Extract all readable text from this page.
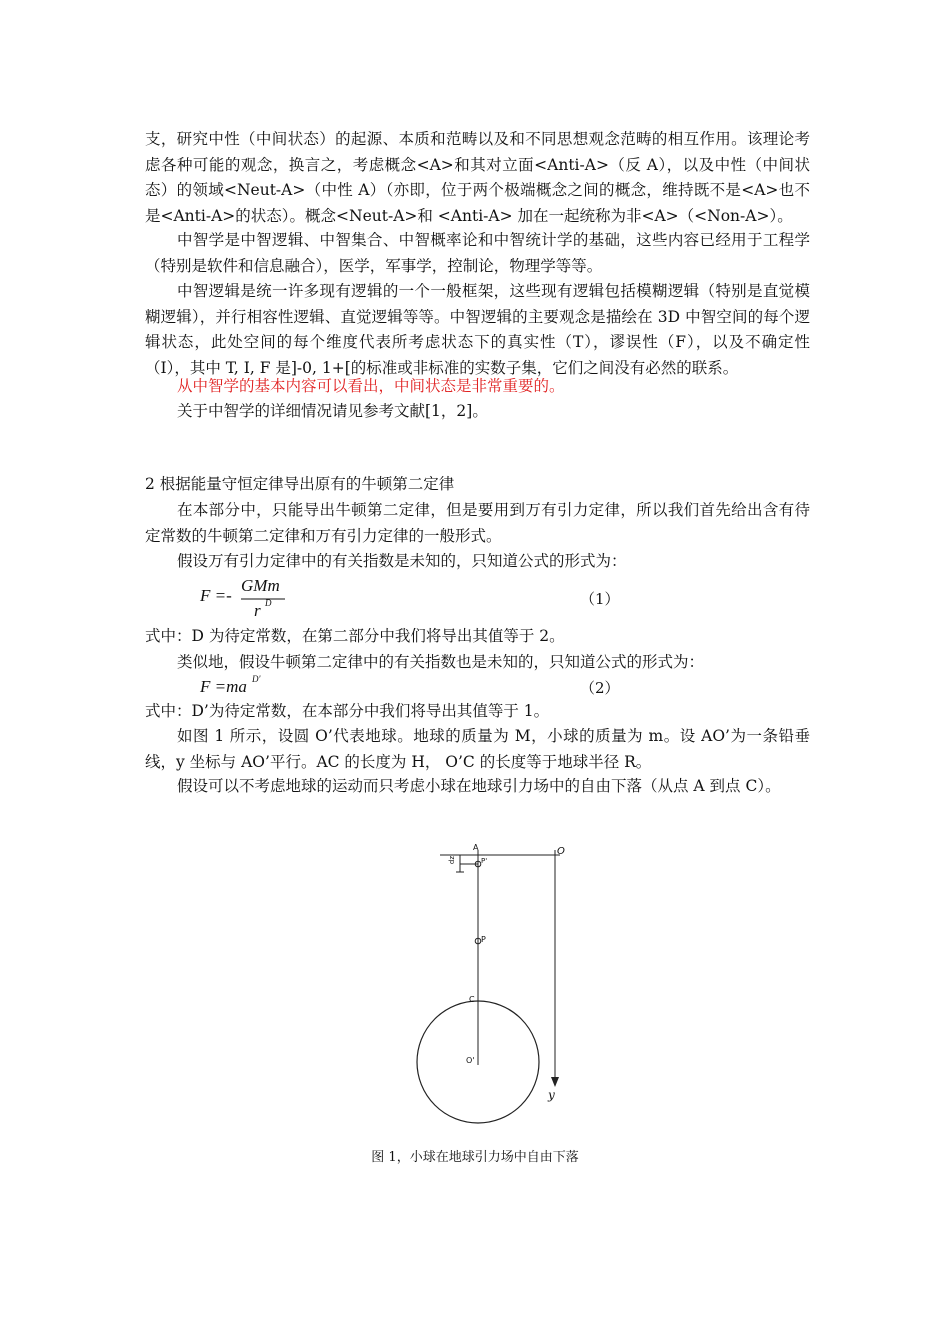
支，研究中性（中间状态）的起源、本质和范畴以及和不同思想观念范畴的相互作用。该理论考虑各种可能的观念，换言之，考虑概念<A>和其对立面<Anti-A>（反 A），以及中性（中间状态）的领域<Neut-A>（中性 A）（亦即，位于两个极端概念之间的概念，维持既不是<A>也不是<Anti-A>的状态）。概念<Neut-A>和 <Anti-A> 加在一起统称为非<A>（<Non-A>）。

中智学是中智逻辑、中智集合、中智概率论和中智统计学的基础，这些内容已经用于工程学（特别是软件和信息融合），医学，军事学，控制论，物理学等等。

中智逻辑是统一许多现有逻辑的一个一般框架，这些现有逻辑包括模糊逻辑（特别是直觉模糊逻辑），并行相容性逻辑、直觉逻辑等等。中智逻辑的主要观念是描绘在 3D 中智空间的每个逻辑状态，此处空间的每个维度代表所考虑状态下的真实性（T），谬误性（F），以及不确定性（I），其中 T, I, F 是]-0, 1+[的标准或非标准的实数子集，它们之间没有必然的联系。

从中智学的基本内容可以看出，中间状态是非常重要的。

关于中智学的详细情况请见参考文献[1，2]。

2 根据能量守恒定律导出原有的牛顿第二定律

在本部分中，只能导出牛顿第二定律，但是要用到万有引力定律，所以我们首先给出含有待定常数的牛顿第二定律和万有引力定律的一般形式。

假设万有引力定律中的有关指数是未知的，只知道公式的形式为：

F =-
GMm
r D	（1）

式中：D 为待定常数，在第二部分中我们将导出其值等于 2。

类似地，假设牛顿第二定律中的有关指数也是未知的，只知道公式的形式为：

F =ma D'	（2）

式中：D’为待定常数，在本部分中我们将导出其值等于 1。

如图 1 所示，设圆 O’代表地球。地球的质量为 M，小球的质量为 m。设 AO’为一条铅垂线，y 坐标与 AO’平行。AC 的长度为 H， O’C 的长度等于地球半径 R。

假设可以不考虑地球的运动而只考虑小球在地球引力场中的自由下落（从点 A 到点 C）。

A
dz	P'
O
P
C
O'
y
图 1，小球在地球引力场中自由下落
